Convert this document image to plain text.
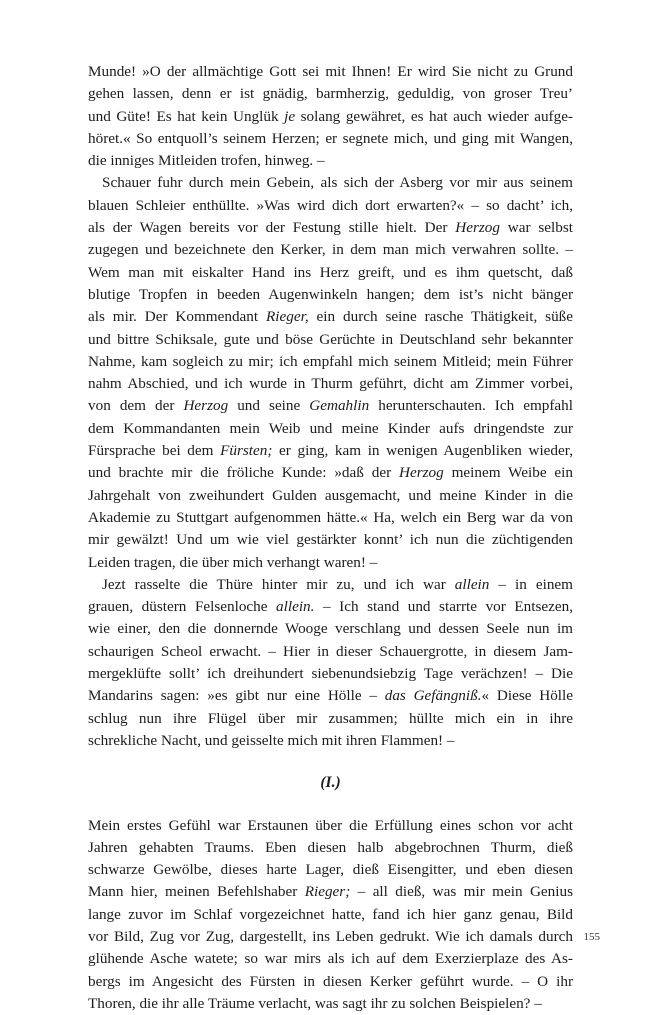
Munde! »O der allmächtige Gott sei mit Ihnen! Er wird Sie nicht zu Grund
gehen lassen, denn er ist gnädig, barmherzig, geduldig, von groser Treu’
und Güte! Es hat kein Unglük je solang gewähret, es hat auch wieder aufge-
höret.« So entquoll’s seinem Herzen; er segnete mich, und ging mit Wangen,
die inniges Mitleiden trofen, hinweg. –
Schauer fuhr durch mein Gebein, als sich der Asberg vor mir aus seinem
blauen Schleier enthüllte. »Was wird dich dort erwarten?« – so dacht’ ich,
als der Wagen bereits vor der Festung stille hielt. Der Herzog war selbst
zugegen und bezeichnete den Kerker, in dem man mich verwahren sollte. –
Wem man mit eiskalter Hand ins Herz greift, und es ihm quetscht, daß
blutige Tropfen in beeden Augenwinkeln hangen; dem ist’s nicht bänger
als mir. Der Kommendant Rieger, ein durch seine rasche Thätigkeit, süße
und bittre Schiksale, gute und böse Gerüchte in Deutschland sehr bekannter
Nahme, kam sogleich zu mir; ich empfahl mich seinem Mitleid; mein Führer
nahm Abschied, und ich wurde in Thurm geführt, dicht am Zimmer vorbei,
von dem der Herzog und seine Gemahlin herunterschauten. Ich empfahl
dem Kommandanten mein Weib und meine Kinder aufs dringendste zur
Fürsprache bei dem Fürsten; er ging, kam in wenigen Augenbliken wieder,
und brachte mir die fröliche Kunde: »daß der Herzog meinem Weibe ein
Jahrgehalt von zweihundert Gulden ausgemacht, und meine Kinder in die
Akademie zu Stuttgart aufgenommen hätte.« Ha, welch ein Berg war da von
mir gewälzt! Und um wie viel gestärkter konnt’ ich nun die züchtigenden
Leiden tragen, die über mich verhangt waren! –
Jezt rasselte die Thüre hinter mir zu, und ich war allein – in einem
grauen, düstern Felsenloche allein. – Ich stand und starrte vor Entsezen,
wie einer, den die donnernde Wooge verschlang und dessen Seele nun im
schaurigen Scheol erwacht. – Hier in dieser Schauergrotte, in diesem Jam-
mergeklüfte sollt’ ich dreihundert siebenundsiebzig Tage verächzen! – Die
Mandarins sagen: »es gibt nur eine Hölle – das Gefängniß.« Diese Hölle
schlug nun ihre Flügel über mir zusammen; hüllte mich ein in ihre
schrekliche Nacht, und geisselte mich mit ihren Flammen! –
(I.)
Mein erstes Gefühl war Erstaunen über die Erfüllung eines schon vor acht
Jahren gehabten Traums. Eben diesen halb abgebrochnen Thurm, dieß
schwarze Gewölbe, dieses harte Lager, dieß Eisengitter, und eben diesen
Mann hier, meinen Befehlshaber Rieger; – all dieß, was mir mein Genius
lange zuvor im Schlaf vorgezeichnet hatte, fand ich hier ganz genau, Bild
vor Bild, Zug vor Zug, dargestellt, ins Leben gedrukt. Wie ich damals durch
glühende Asche watete; so war mirs als ich auf dem Exerzierplaze des As-
bergs im Angesicht des Fürsten in diesen Kerker geführt wurde. – O ihr
Thoren, die ihr alle Träume verlacht, was sagt ihr zu solchen Beispielen? –
155
